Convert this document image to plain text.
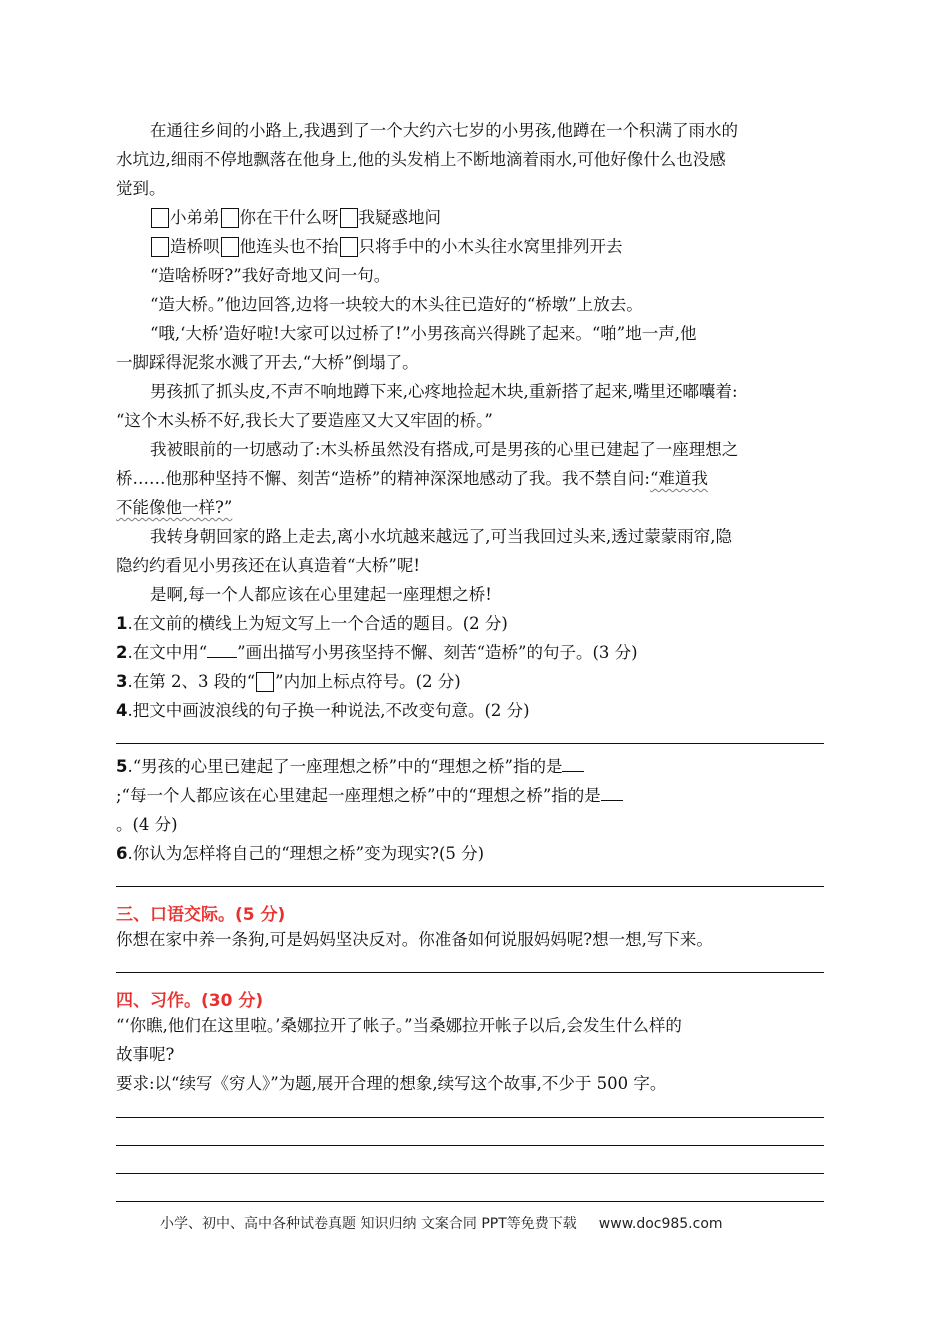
在通往乡间的小路上,我遇到了一个大约六七岁的小男孩,他蹲在一个积满了雨水的
水坑边,细雨不停地飘落在他身上,他的头发梢上不断地滴着雨水,可他好像什么也没感
觉到。
小弟弟 你在干什么呀 我疑惑地问
造桥呗 他连头也不抬 只将手中的小木头往水窝里排列开去
“造啥桥呀?”我好奇地又问一句。
“造大桥。”他边回答,边将一块较大的木头往已造好的“桥墩”上放去。
“哦,‘大桥’造好啦!大家可以过桥了!”小男孩高兴得跳了起来。“啪”地一声,他
一脚踩得泥浆水溅了开去,“大桥”倒塌了。
男孩抓了抓头皮,不声不响地蹲下来,心疼地捡起木块,重新搭了起来,嘴里还嘟囔着:
“这个木头桥不好,我长大了要造座又大又牢固的桥。”
我被眼前的一切感动了:木头桥虽然没有搭成,可是男孩的心里已建起了一座理想之
桥……他那种坚持不懈、刻苦“造桥”的精神深深地感动了我。我不禁自问:“难道我
不能像他一样?”
我转身朝回家的路上走去,离小水坑越来越远了,可当我回过头来,透过蒙蒙雨帘,隐
隐约约看见小男孩还在认真造着“大桥”呢!
是啊,每一个人都应该在心里建起一座理想之桥!
1.在文前的横线上为短文写上一个合适的题目。(2 分)
2.在文中用“ ”画出描写小男孩坚持不懈、刻苦“造桥”的句子。(3 分)
3.在第 2、3 段的“ ”内加上标点符号。(2 分)
4.把文中画波浪线的句子换一种说法,不改变句意。(2 分)
5.“男孩的心里已建起了一座理想之桥”中的“理想之桥”指的是
;“每一个人都应该在心里建起一座理想之桥”中的“理想之桥”指的是
。(4 分)
6.你认为怎样将自己的“理想之桥”变为现实?(5 分)
三、口语交际。(5 分)
你想在家中养一条狗,可是妈妈坚决反对。你准备如何说服妈妈呢?想一想,写下来。
四、习作。(30 分)
“‘你瞧,他们在这里啦。’桑娜拉开了帐子。”当桑娜拉开帐子以后,会发生什么样的
故事呢?
要求:以“续写《穷人》”为题,展开合理的想象,续写这个故事,不少于 500 字。
小学、初中、高中各种试卷真题 知识归纳 文案合同 PPT等免费下载 www.doc985.com
